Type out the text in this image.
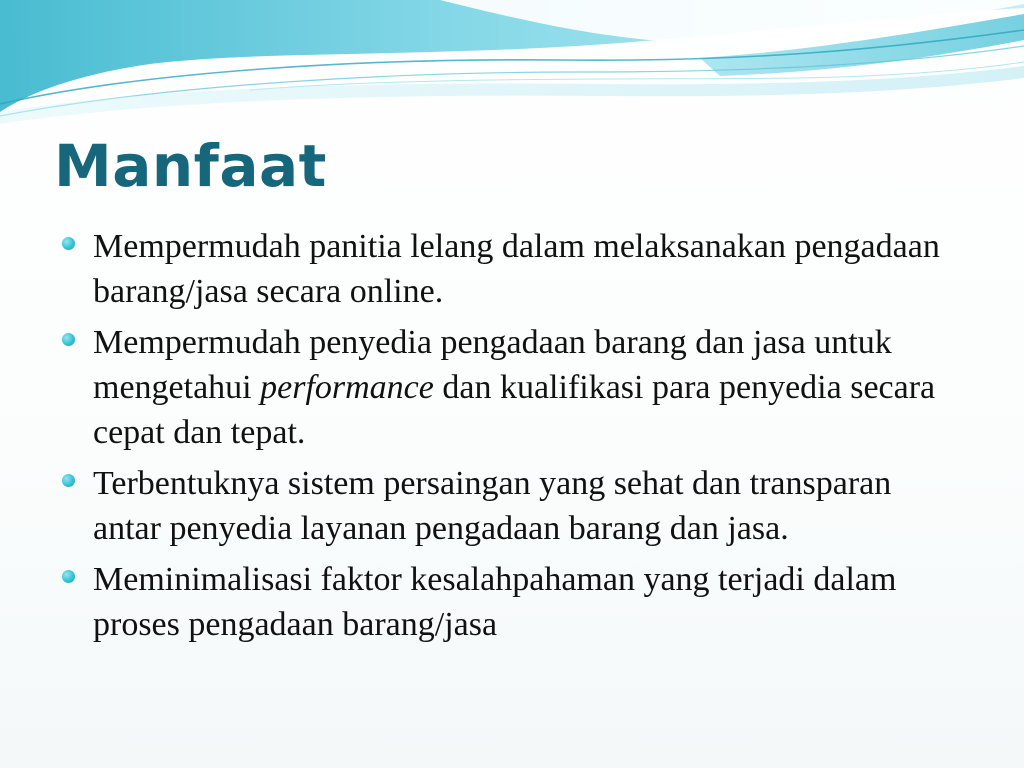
Manfaat
Mempermudah panitia lelang dalam melaksanakan pengadaan barang/jasa secara online.
Mempermudah penyedia pengadaan barang dan jasa untuk mengetahui performance dan kualifikasi para penyedia secara cepat dan tepat.
Terbentuknya sistem persaingan yang sehat dan transparan antar penyedia layanan pengadaan barang dan jasa.
Meminimalisasi faktor kesalahpahaman yang terjadi dalam proses pengadaan barang/jasa
